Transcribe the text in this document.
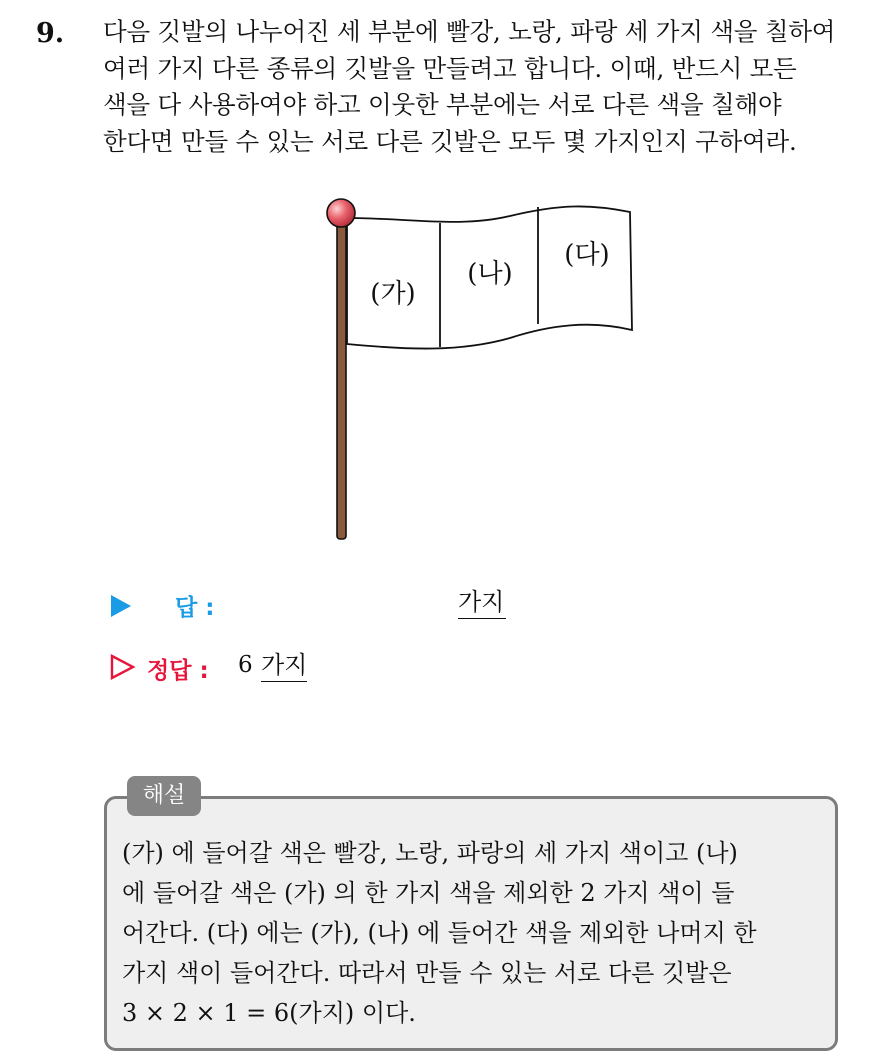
9. 다음 깃발의 나누어진 세 부분에 빨강, 노랑, 파랑 세 가지 색을 칠하여
여러 가지 다른 종류의 깃발을 만들려고 합니다. 이때, 반드시 모든
색을 다 사용하여야 하고 이웃한 부분에는 서로 다른 색을 칠해야
한다면 만들 수 있는 서로 다른 깃발은 모두 몇 가지인지 구하여라.
(가)
(나)
(다)
답 :	가지
정답 : 6 가지
해설
(가) 에 들어갈 색은 빨강, 노랑, 파랑의 세 가지 색이고 (나)
에 들어갈 색은 (가) 의 한 가지 색을 제외한 2 가지 색이 들
어간다. (다) 에는 (가), (나) 에 들어간 색을 제외한 나머지 한
가지 색이 들어간다. 따라서 만들 수 있는 서로 다른 깃발은
3 × 2 × 1 = 6(가지) 이다.
